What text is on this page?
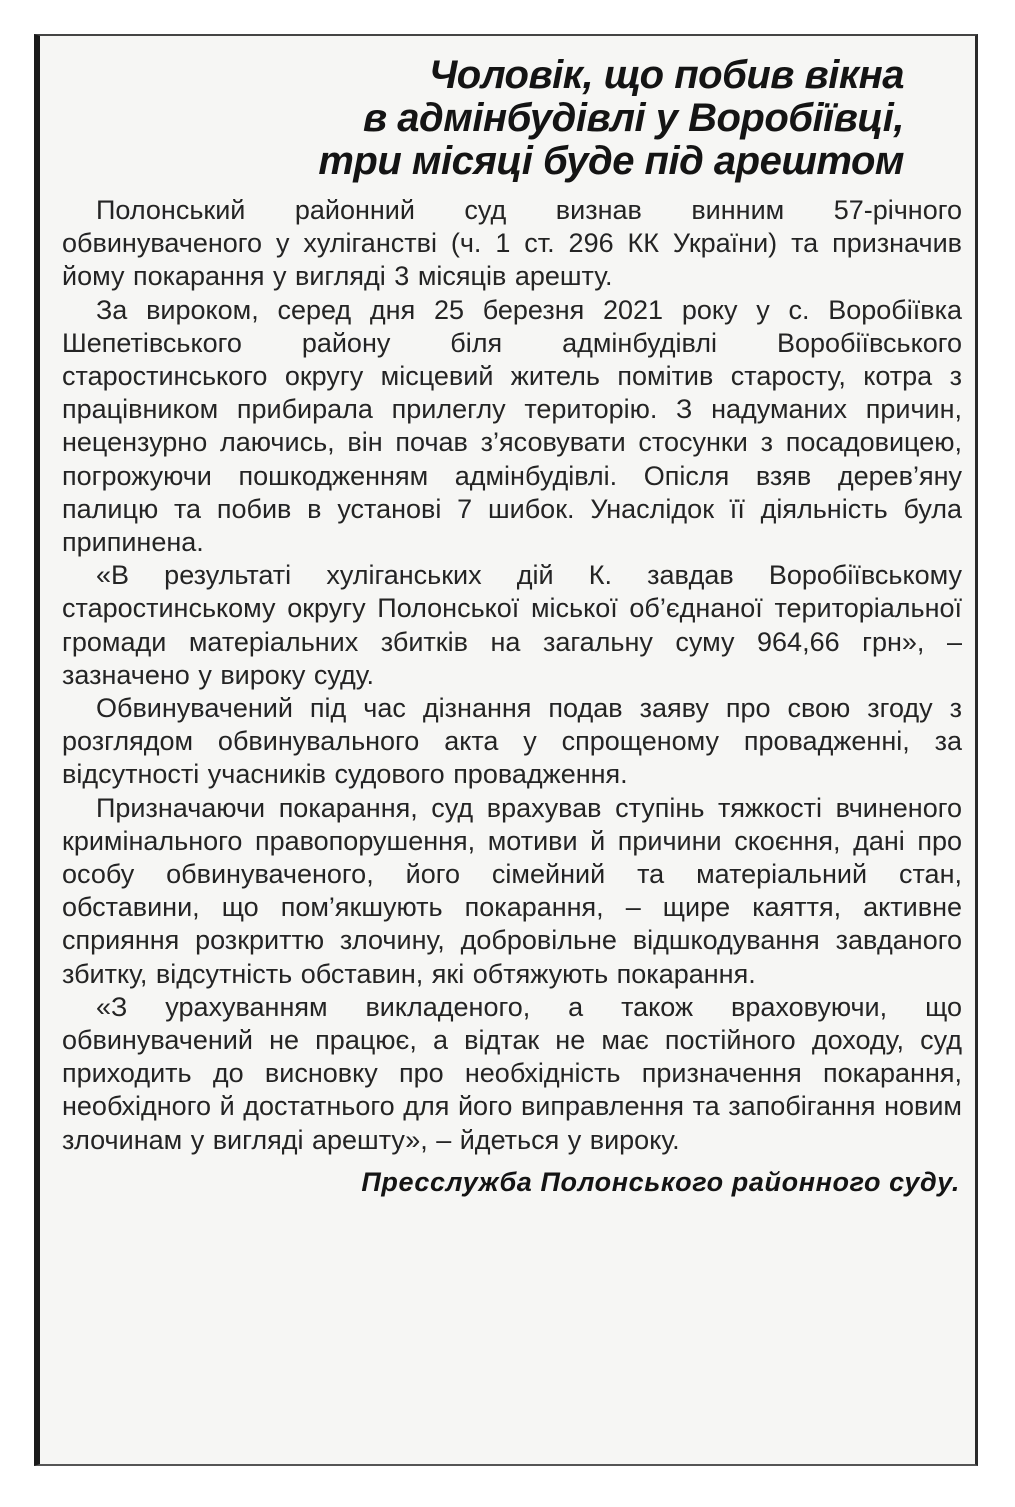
Чоловік, що побив вікна
в адмінбудівлі у Воробіївці,
три місяці буде під арештом

Полонський районний суд визнав винним 57-річного обвинуваченого у хуліганстві (ч. 1 ст. 296 КК України) та призначив йому покарання у вигляді 3 місяців арешту.

За вироком, серед дня 25 березня 2021 року у с. Воробіївка Шепетівського району біля адмінбудівлі Воробіївського старостинського округу місцевий житель помітив старосту, котра з працівником прибирала прилеглу територію. З надуманих причин, нецензурно лаючись, він почав з’ясовувати стосунки з посадовицею, погрожуючи пошкодженням адмінбудівлі. Опісля взяв дерев’яну палицю та побив в установі 7 шибок. Унаслідок її діяльність була припинена.

«В результаті хуліганських дій К. завдав Воробіївському старостинському округу Полонської міської об’єднаної територіальної громади матеріальних збитків на загальну суму 964,66 грн», – зазначено у вироку суду.

Обвинувачений під час дізнання подав заяву про свою згоду з розглядом обвинувального акта у спрощеному провадженні, за відсутності учасників судового провадження.

Призначаючи покарання, суд врахував ступінь тяжкості вчиненого кримінального правопорушення, мотиви й причини скоєння, дані про особу обвинуваченого, його сімейний та матеріальний стан, обставини, що пом’якшують покарання, – щире каяття, активне сприяння розкриттю злочину, добровільне відшкодування завданого збитку, відсутність обставин, які обтяжують покарання.

«З урахуванням викладеного, а також враховуючи, що обвинувачений не працює, а відтак не має постійного доходу, суд приходить до висновку про необхідність призначення покарання, необхідного й достатнього для його виправлення та запобігання новим злочинам у вигляді арешту», – йдеться у вироку.

Пресслужба Полонського районного суду.
